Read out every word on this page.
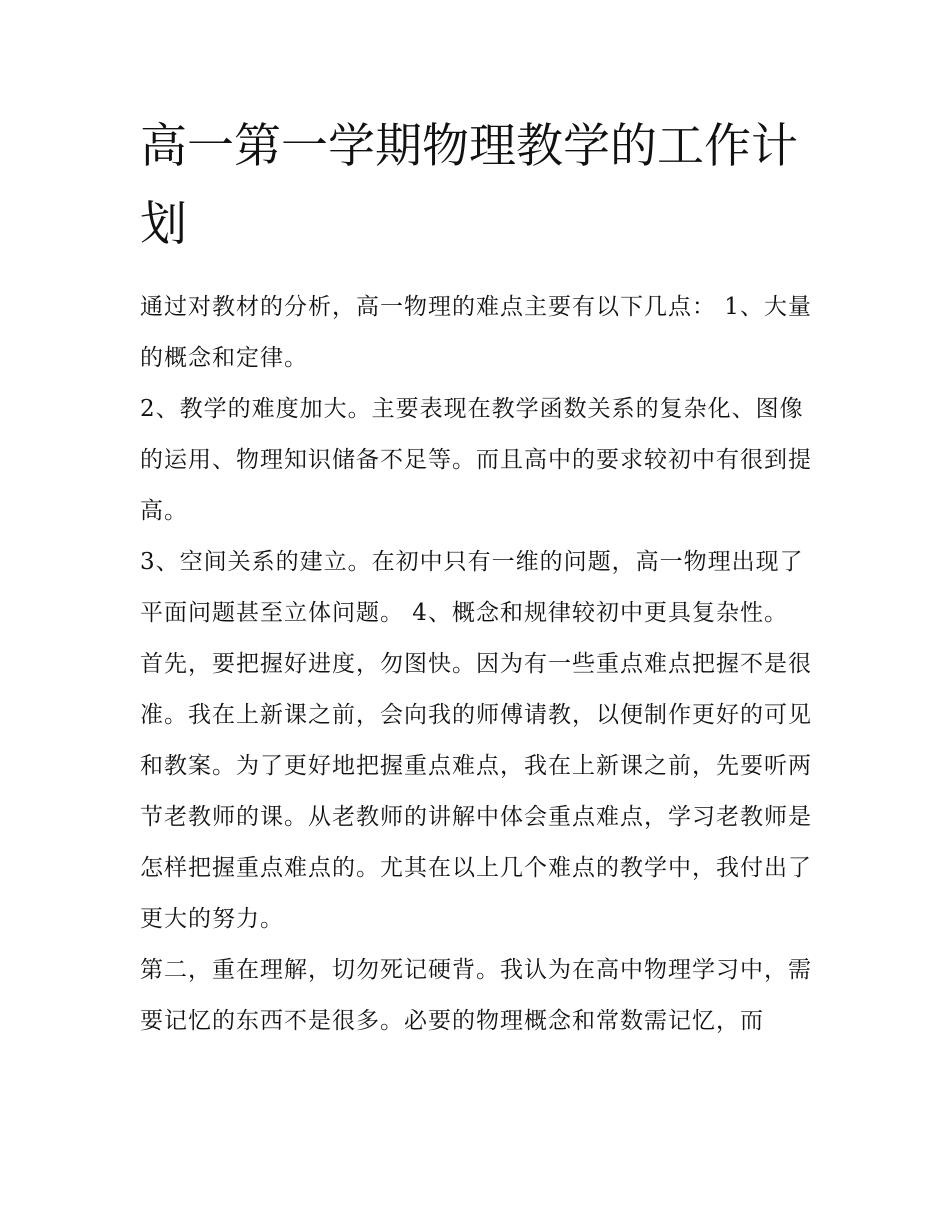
高一第一学期物理教学的工作计划

通过对教材的分析，高一物理的难点主要有以下几点： 1、大量的概念和定律。

2、教学的难度加大。主要表现在教学函数关系的复杂化、图像的运用、物理知识储备不足等。而且高中的要求较初中有很到提高。

3、空间关系的建立。在初中只有一维的问题，高一物理出现了平面问题甚至立体问题。 4、概念和规律较初中更具复杂性。

首先，要把握好进度，勿图快。因为有一些重点难点把握不是很准。我在上新课之前，会向我的师傅请教，以便制作更好的可见和教案。为了更好地把握重点难点，我在上新课之前，先要听两节老教师的课。从老教师的讲解中体会重点难点，学习老教师是怎样把握重点难点的。尤其在以上几个难点的教学中，我付出了更大的努力。

第二，重在理解，切勿死记硬背。我认为在高中物理学习中，需要记忆的东西不是很多。必要的物理概念和常数需记忆，而
